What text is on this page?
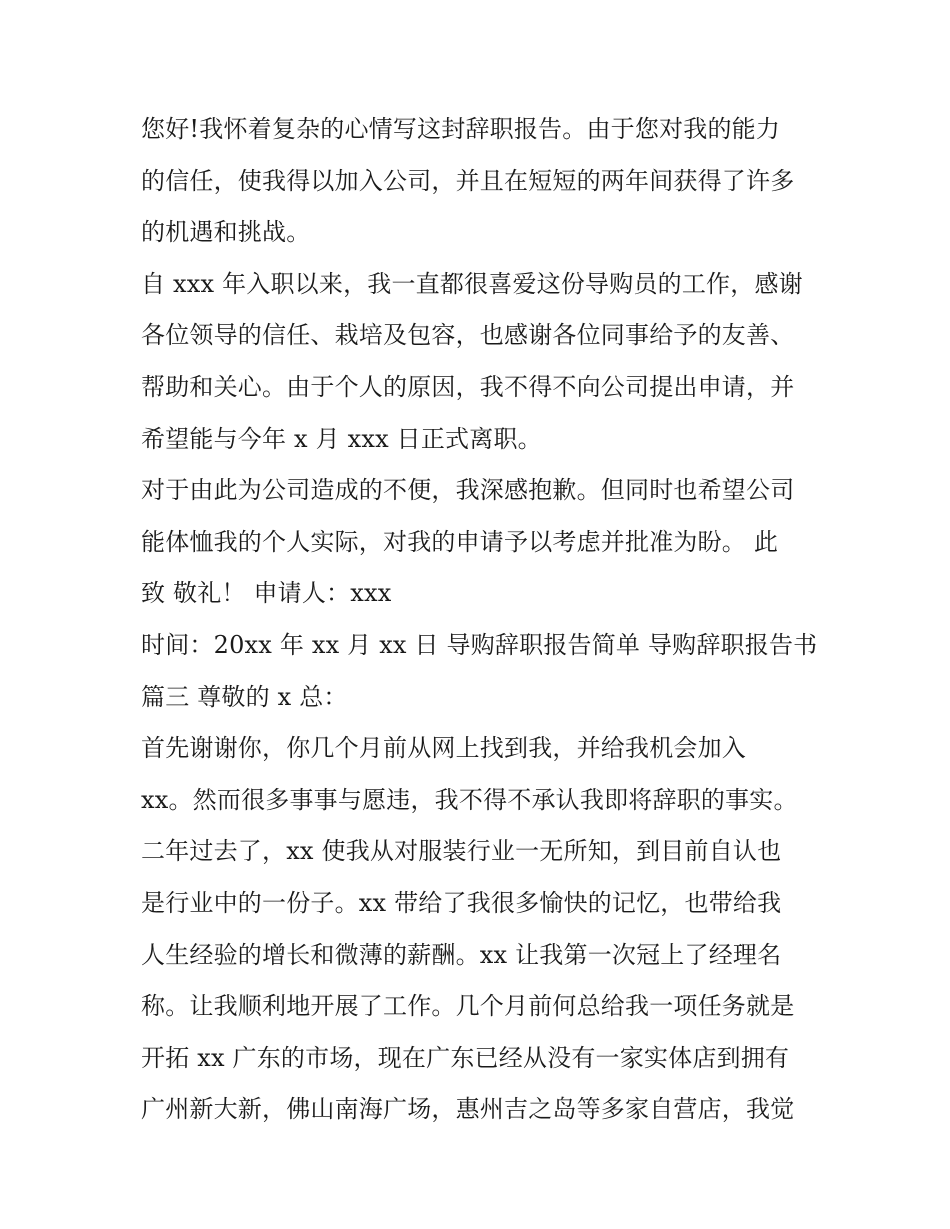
您好!我怀着复杂的心情写这封辞职报告。由于您对我的能力
的信任，使我得以加入公司，并且在短短的两年间获得了许多
的机遇和挑战。
自 xxx 年入职以来，我一直都很喜爱这份导购员的工作，感谢
各位领导的信任、栽培及包容，也感谢各位同事给予的友善、
帮助和关心。由于个人的原因，我不得不向公司提出申请，并
希望能与今年 x 月 xxx 日正式离职。
对于由此为公司造成的不便，我深感抱歉。但同时也希望公司
能体恤我的个人实际，对我的申请予以考虑并批准为盼。 此
致 敬礼！ 申请人：xxx
时间：20xx 年 xx 月 xx 日 导购辞职报告简单 导购辞职报告书
篇三 尊敬的 x 总：
首先谢谢你，你几个月前从网上找到我，并给我机会加入
xx。然而很多事事与愿违，我不得不承认我即将辞职的事实。
二年过去了，xx 使我从对服装行业一无所知，到目前自认也
是行业中的一份子。xx 带给了我很多愉快的记忆，也带给我
人生经验的增长和微薄的薪酬。xx 让我第一次冠上了经理名
称。让我顺利地开展了工作。几个月前何总给我一项任务就是
开拓 xx 广东的市场，现在广东已经从没有一家实体店到拥有
广州新大新，佛山南海广场，惠州吉之岛等多家自营店，我觉
